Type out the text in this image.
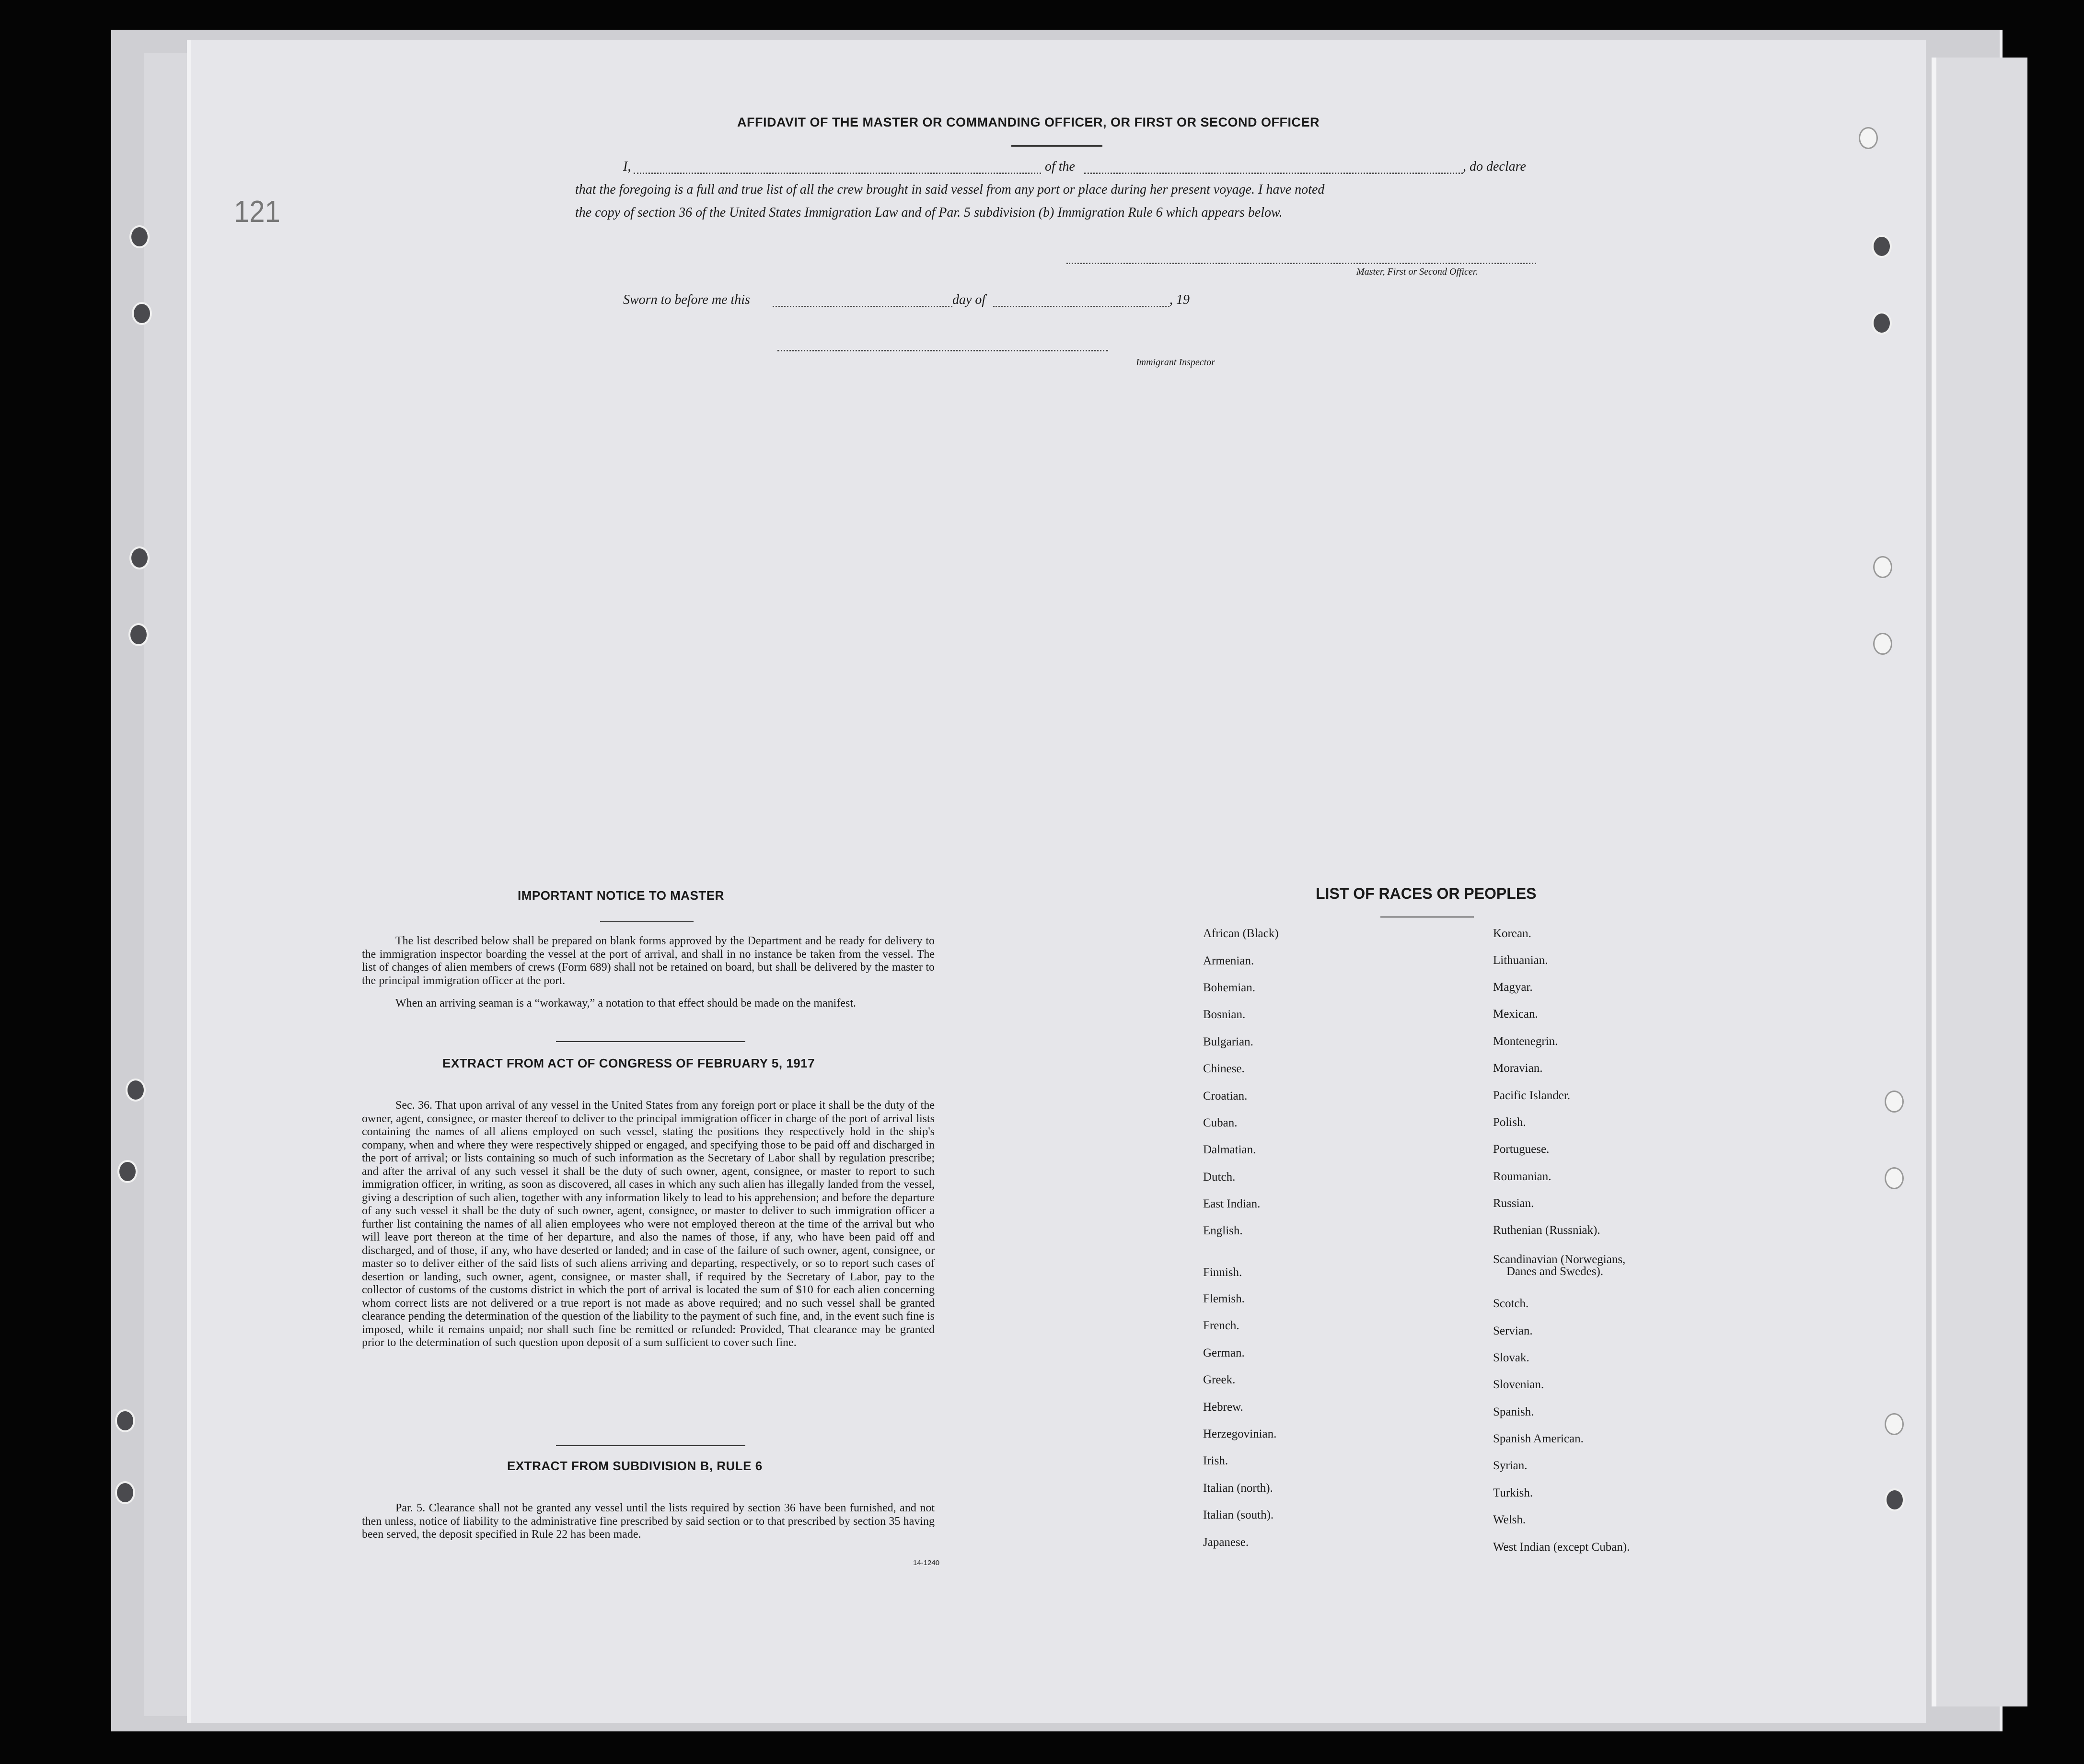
121
AFFIDAVIT OF THE MASTER OR COMMANDING OFFICER, OR FIRST OR SECOND OFFICER
I,	of the	, do declare
that the foregoing is a full and true list of all the crew brought in said vessel from any port or place during her present voyage. I have noted
the copy of section 36 of the United States Immigration Law and of Par. 5 subdivision (b) Immigration Rule 6 which appears below.
Master, First or Second Officer.
Sworn to before me this	day of	, 19
Immigrant Inspector
IMPORTANT NOTICE TO MASTER
The list described below shall be prepared on blank forms approved by the Department and be ready for delivery to the immigration inspector boarding the vessel at the port of arrival, and shall in no instance be taken from the vessel. The list of changes of alien members of crews (Form 689) shall not be retained on board, but shall be delivered by the master to the principal immigration officer at the port.
When an arriving seaman is a “workaway,” a notation to that effect should be made on the manifest.
EXTRACT FROM ACT OF CONGRESS OF FEBRUARY 5, 1917
Sec. 36. That upon arrival of any vessel in the United States from any foreign port or place it shall be the duty of the owner, agent, consignee, or master thereof to deliver to the principal immigration officer in charge of the port of arrival lists containing the names of all aliens employed on such vessel, stating the positions they respectively hold in the ship's company, when and where they were respectively shipped or engaged, and specifying those to be paid off and discharged in the port of arrival; or lists containing so much of such information as the Secretary of Labor shall by regulation prescribe; and after the arrival of any such vessel it shall be the duty of such owner, agent, consignee, or master to report to such immigration officer, in writing, as soon as discovered, all cases in which any such alien has illegally landed from the vessel, giving a description of such alien, together with any information likely to lead to his apprehension; and before the departure of any such vessel it shall be the duty of such owner, agent, consignee, or master to deliver to such immigration officer a further list containing the names of all alien employees who were not employed thereon at the time of the arrival but who will leave port thereon at the time of her departure, and also the names of those, if any, who have been paid off and discharged, and of those, if any, who have deserted or landed; and in case of the failure of such owner, agent, consignee, or master so to deliver either of the said lists of such aliens arriving and departing, respectively, or so to report such cases of desertion or landing, such owner, agent, consignee, or master shall, if required by the Secretary of Labor, pay to the collector of customs of the customs district in which the port of arrival is located the sum of $10 for each alien concerning whom correct lists are not delivered or a true report is not made as above required; and no such vessel shall be granted clearance pending the determination of the question of the liability to the payment of such fine, and, in the event such fine is imposed, while it remains unpaid; nor shall such fine be remitted or refunded: Provided, That clearance may be granted prior to the determination of such question upon deposit of a sum sufficient to cover such fine.
EXTRACT FROM SUBDIVISION B, RULE 6
Par. 5. Clearance shall not be granted any vessel until the lists required by section 36 have been furnished, and not then unless, notice of liability to the administrative fine prescribed by said section or to that prescribed by section 35 having been served, the deposit specified in Rule 22 has been made.
14-1240
LIST OF RACES OR PEOPLES
African (Black)
Armenian.
Bohemian.
Bosnian.
Bulgarian.
Chinese.
Croatian.
Cuban.
Dalmatian.
Dutch.
East Indian.
English.
Finnish.
Flemish.
French.
German.
Greek.
Hebrew.
Herzegovinian.
Irish.
Italian (north).
Italian (south).
Japanese.
Korean.
Lithuanian.
Magyar.
Mexican.
Montenegrin.
Moravian.
Pacific Islander.
Polish.
Portuguese.
Roumanian.
Russian.
Ruthenian (Russniak).
Scandinavian (Norwegians,
Danes and Swedes).
Scotch.
Servian.
Slovak.
Slovenian.
Spanish.
Spanish American.
Syrian.
Turkish.
Welsh.
West Indian (except Cuban).
